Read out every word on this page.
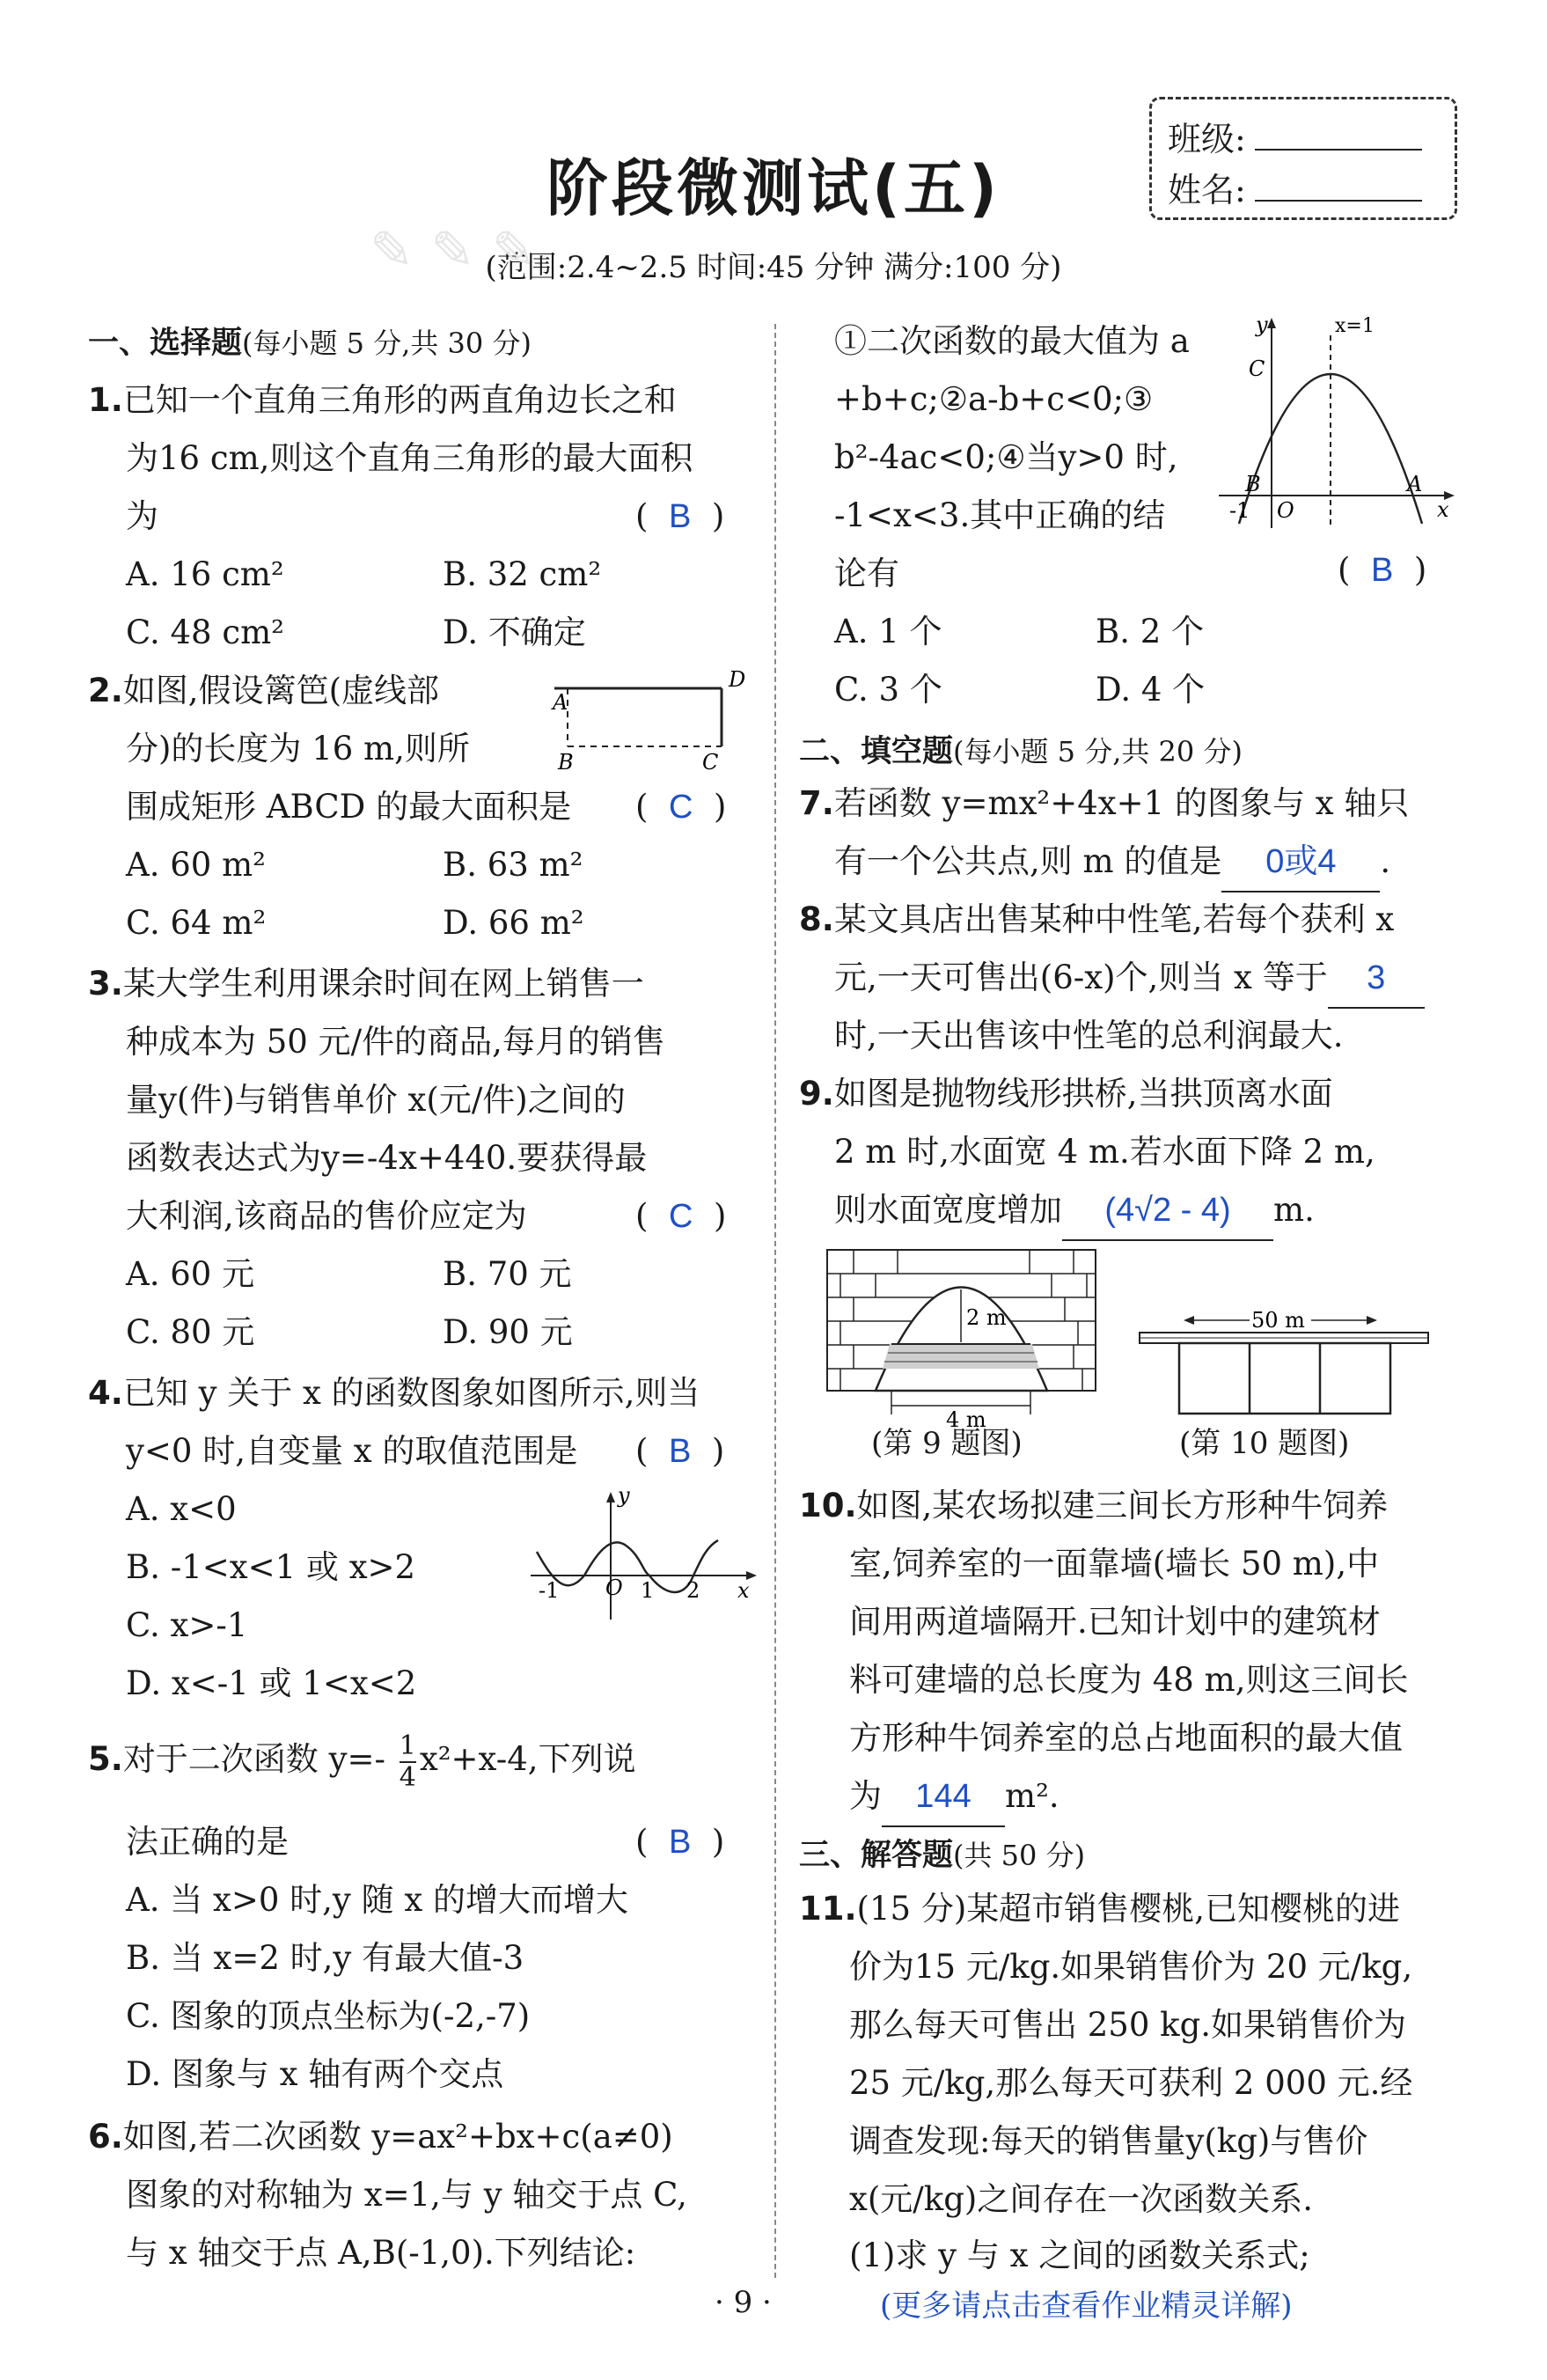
阶段微测试(五)
班级:
姓名:
(范围:2.4~2.5 时间:45 分钟 满分:100 分)
✎ ✎ ✎
一、选择题(每小题 5 分,共 30 分)
1.已知一个直角三角形的两直角边长之和
为16 cm,则这个直角三角形的最大面积
为	(  B  )
A. 16 cm²	B. 32 cm²
C. 48 cm²	D. 不确定
2.如图,假设篱笆(虚线部
分)的长度为 16 m,则所
围成矩形 ABCD 的最大面积是 (  C  )
A
D
B	C
A. 60 m²	B. 63 m²
C. 64 m²	D. 66 m²
3.某大学生利用课余时间在网上销售一
种成本为 50 元/件的商品,每月的销售
量y(件)与销售单价 x(元/件)之间的
函数表达式为y=-4x+440.要获得最
大利润,该商品的售价应定为	(  C  )
A. 60 元	B. 70 元
C. 80 元	D. 90 元
4.已知 y 关于 x 的函数图象如图所示,则当
y<0 时,自变量 x 的取值范围是 (  B  )
A. x<0
B. -1<x<1 或 x>2
C. x>-1
D. x<-1 或 1<x<2
y
x
O
-1	1 2
5.对于二次函数 $y=- \frac{1}{4} x^2+x-4$,下列说
法正确的是	(  B  )
A. 当 x>0 时,y 随 x 的增大而增大
B. 当 x=2 时,y 有最大值-3
C. 图象的顶点坐标为(-2,-7)
D. 图象与 x 轴有两个交点
6.如图,若二次函数 y=ax²+bx+c(a≠0)
图象的对称轴为 x=1,与 y 轴交于点 C,
与 x 轴交于点 A,B(-1,0).下列结论:
①二次函数的最大值为 a
+b+c;②a-b+c<0;③
b²-4ac<0;④当y>0 时,
-1<x<3.其中正确的结
论有	(  B  )
y
x
x=1
C
B	A
O
-1
A. 1 个	B. 2 个
C. 3 个	D. 4 个
二、填空题(每小题 5 分,共 20 分)
7.若函数 y=mx²+4x+1 的图象与 x 轴只
有一个公共点,则 m 的值是 0或4 .
8.某文具店出售某种中性笔,若每个获利 x
元,一天可售出(6-x)个,则当 x 等于 3
时,一天出售该中性笔的总利润最大.
9.如图是抛物线形拱桥,当拱顶离水面
2 m 时,水面宽 4 m.若水面下降 2 m,
则水面宽度增加 (4√2 - 4) m.
2 m
4 m
(第 9 题图)
50 m
(第 10 题图)
10.如图,某农场拟建三间长方形种牛饲养
室,饲养室的一面靠墙(墙长 50 m),中
间用两道墙隔开.已知计划中的建筑材
料可建墙的总长度为 48 m,则这三间长
方形种牛饲养室的总占地面积的最大值
为 144 m².
三、解答题(共 50 分)
11.(15 分)某超市销售樱桃,已知樱桃的进
价为15 元/kg.如果销售价为 20 元/kg,
那么每天可售出 250 kg.如果销售价为
25 元/kg,那么每天可获利 2 000 元.经
调查发现:每天的销售量y(kg)与售价
x(元/kg)之间存在一次函数关系.
(1)求 y 与 x 之间的函数关系式;
· 9 ·	(更多请点击查看作业精灵详解)
